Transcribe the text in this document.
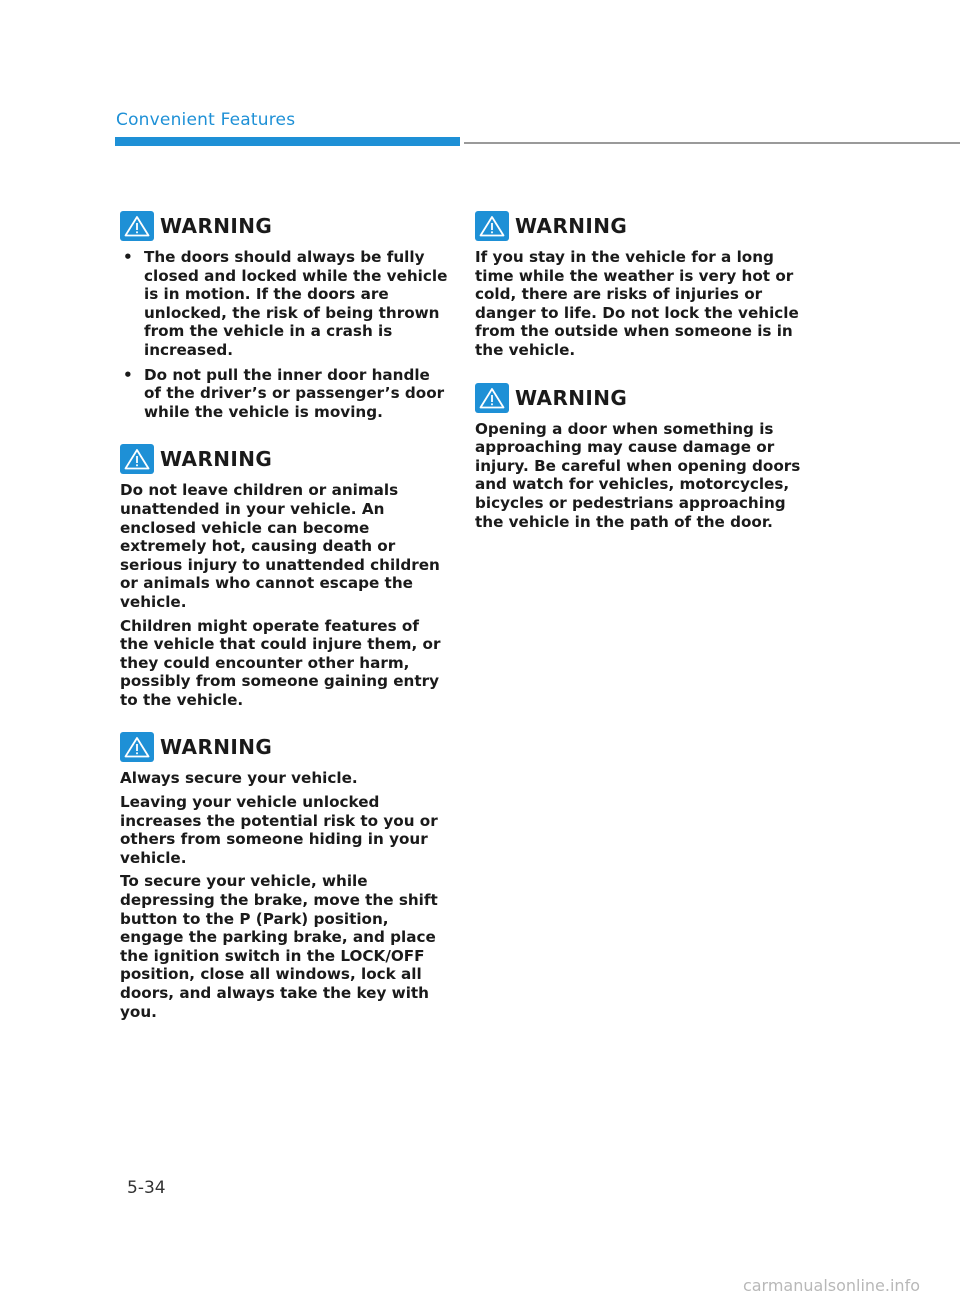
Convenient Features
WARNING
• The doors should always be fully closed and locked while the vehicle is in motion. If the doors are unlocked, the risk of being thrown from the vehicle in a crash is increased.
• Do not pull the inner door handle of the driver’s or passenger’s door while the vehicle is moving.
WARNING

Do not leave children or animals unattended in your vehicle. An enclosed vehicle can become extremely hot, causing death or serious injury to unattended children or animals who cannot escape the vehicle.

Children might operate features of the vehicle that could injure them, or they could encounter other harm, possibly from someone gaining entry to the vehicle.

WARNING

Always secure your vehicle.

Leaving your vehicle unlocked increases the potential risk to you or others from someone hiding in your vehicle.

To secure your vehicle, while depressing the brake, move the shift button to the P (Park) position, engage the parking brake, and place the ignition switch in the LOCK/OFF position, close all windows, lock all doors, and always take the key with you.

WARNING

If you stay in the vehicle for a long time while the weather is very hot or cold, there are risks of injuries or danger to life. Do not lock the vehicle from the outside when someone is in the vehicle.

WARNING

Opening a door when something is approaching may cause damage or injury. Be careful when opening doors and watch for vehicles, motorcycles, bicycles or pedestrians approaching the vehicle in the path of the door.

5-34
carmanualsonline.info
